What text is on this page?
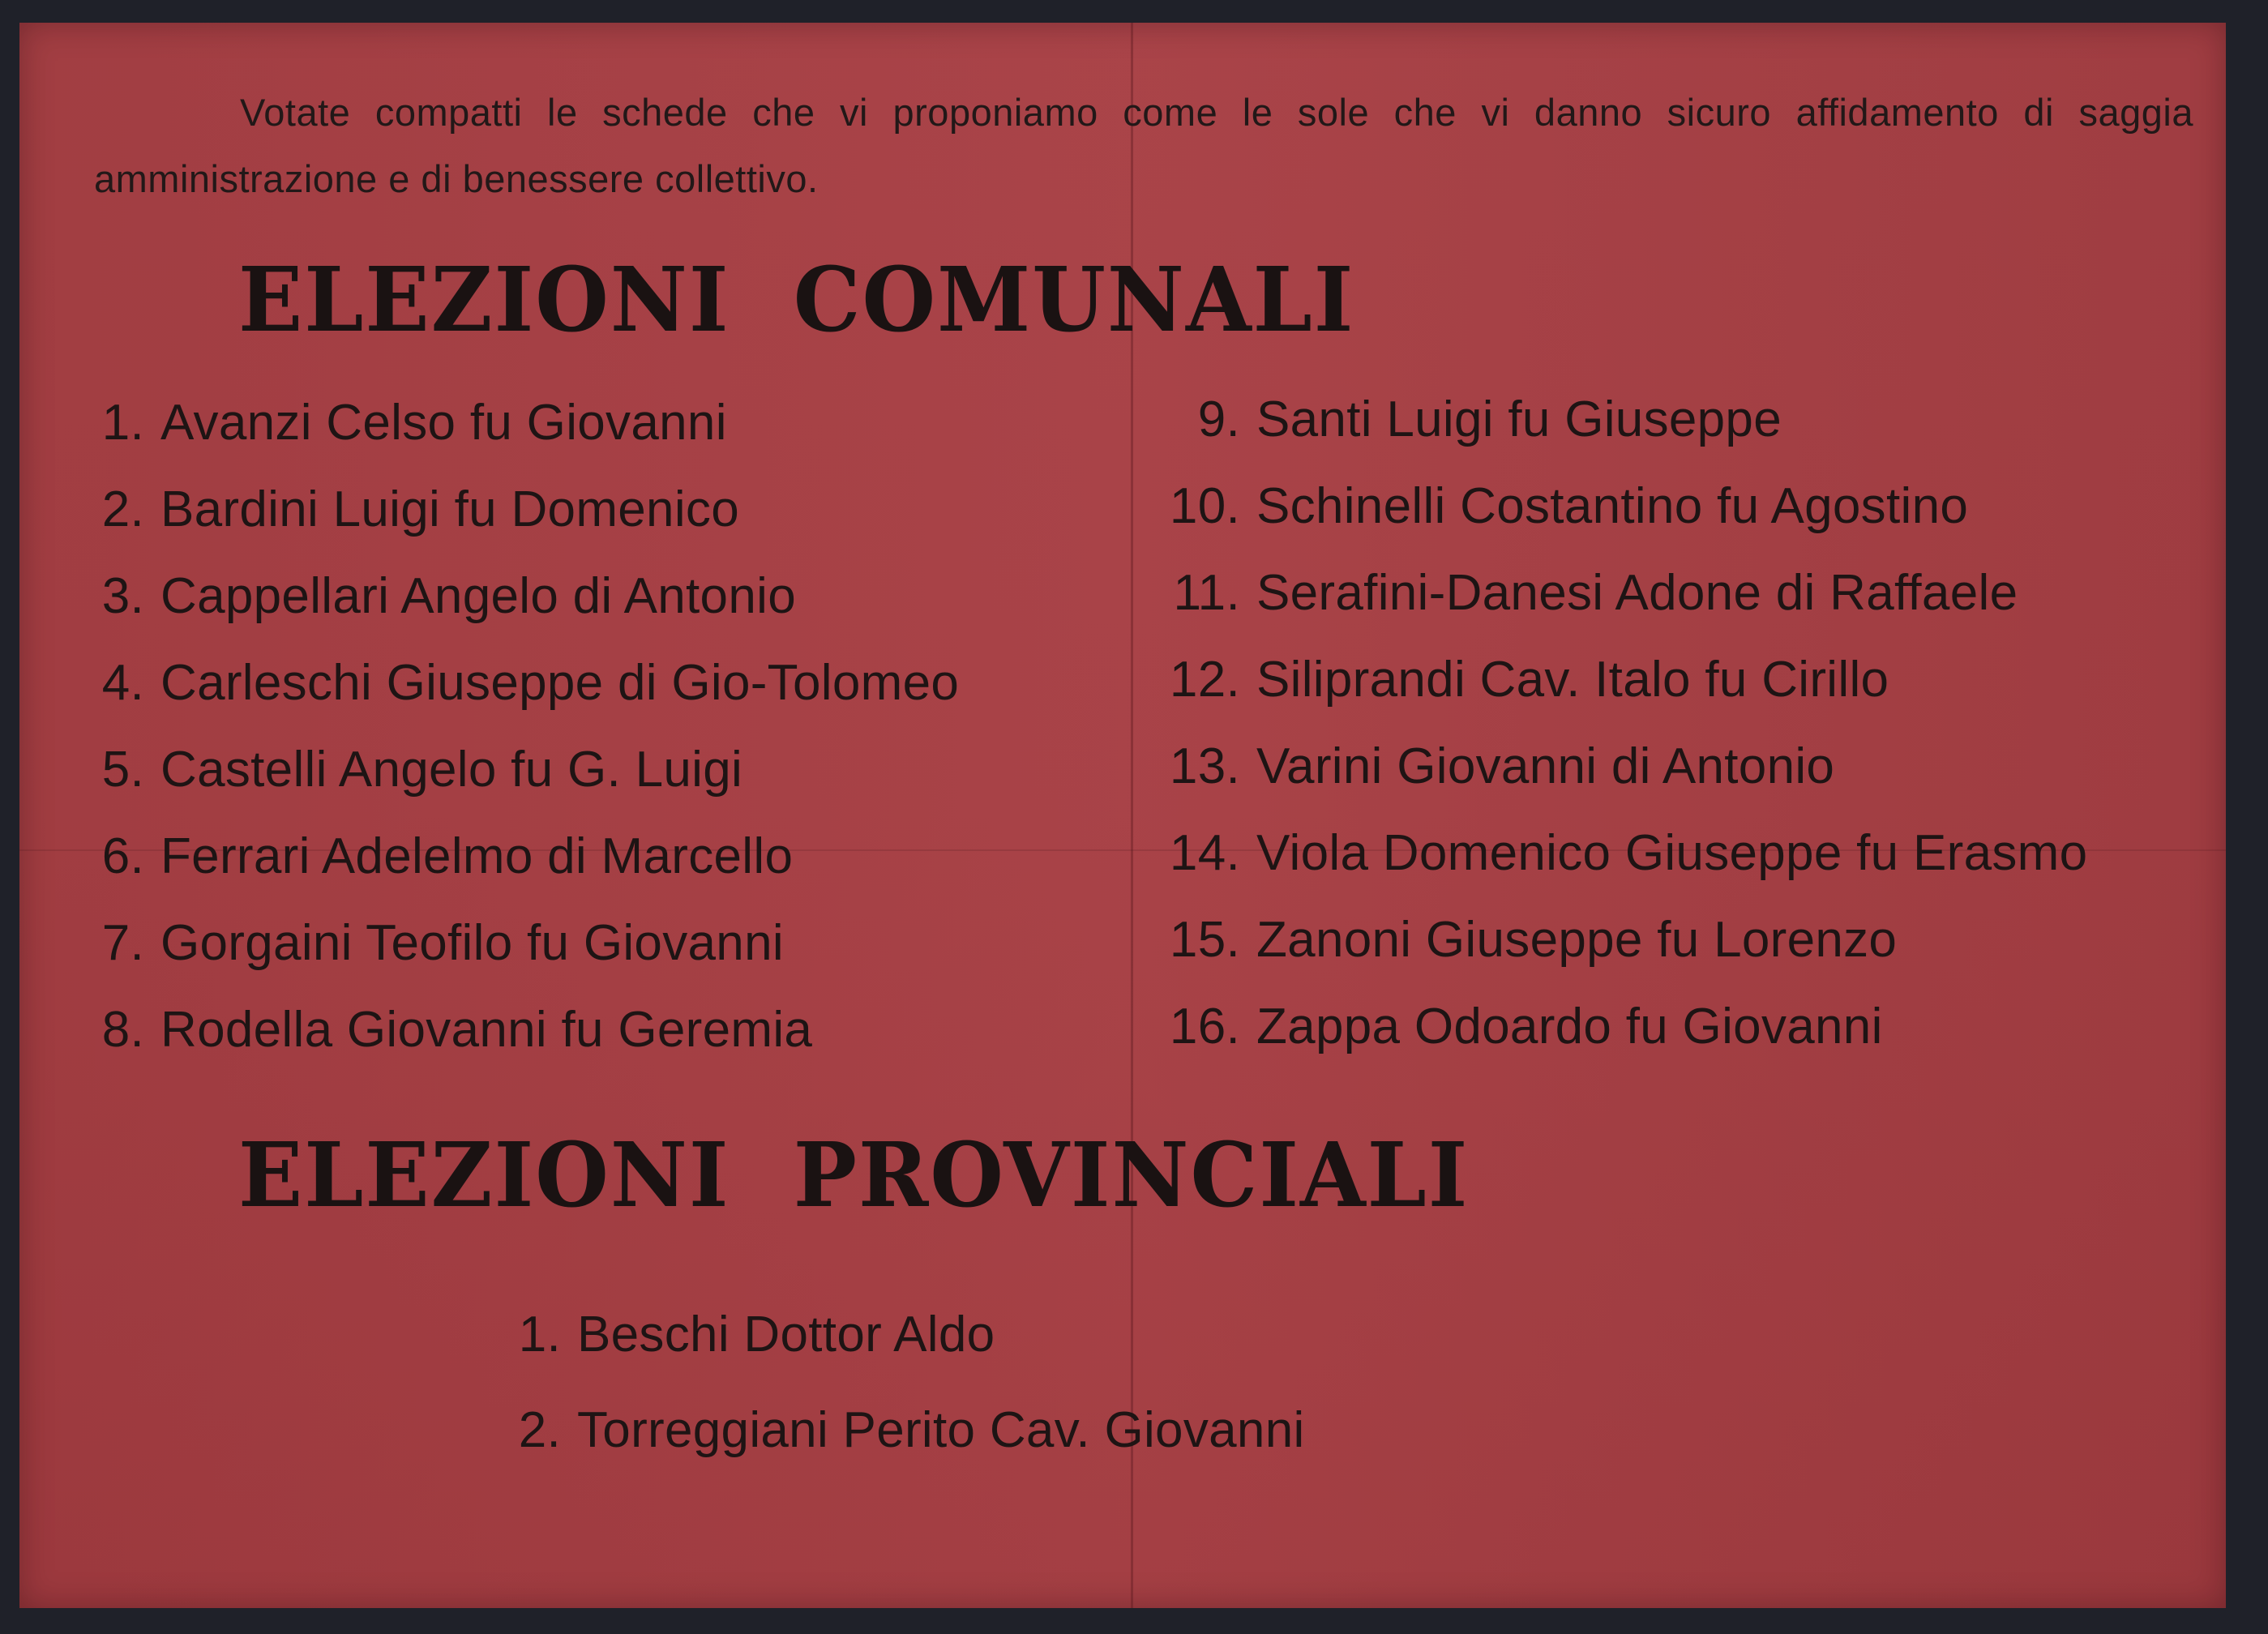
Votate compatti le schede che vi proponiamo come le sole che vi danno sicuro affidamento di saggia amministrazione e di benessere collettivo.

ELEZIONI COMUNALI
1. Avanzi Celso fu Giovanni
2. Bardini Luigi fu Domenico
3. Cappellari Angelo di Antonio
4. Carleschi Giuseppe di Gio-Tolomeo
5. Castelli Angelo fu G. Luigi
6. Ferrari Adelelmo di Marcello
7. Gorgaini Teofilo fu Giovanni
8. Rodella Giovanni fu Geremia
9. Santi Luigi fu Giuseppe
10. Schinelli Costantino fu Agostino
11. Serafini-Danesi Adone di Raffaele
12. Siliprandi Cav. Italo fu Cirillo
13. Varini Giovanni di Antonio
14. Viola Domenico Giuseppe fu Erasmo
15. Zanoni Giuseppe fu Lorenzo
16. Zappa Odoardo fu Giovanni
ELEZIONI PROVINCIALI
1. Beschi Dottor Aldo
2. Torreggiani Perito Cav. Giovanni
